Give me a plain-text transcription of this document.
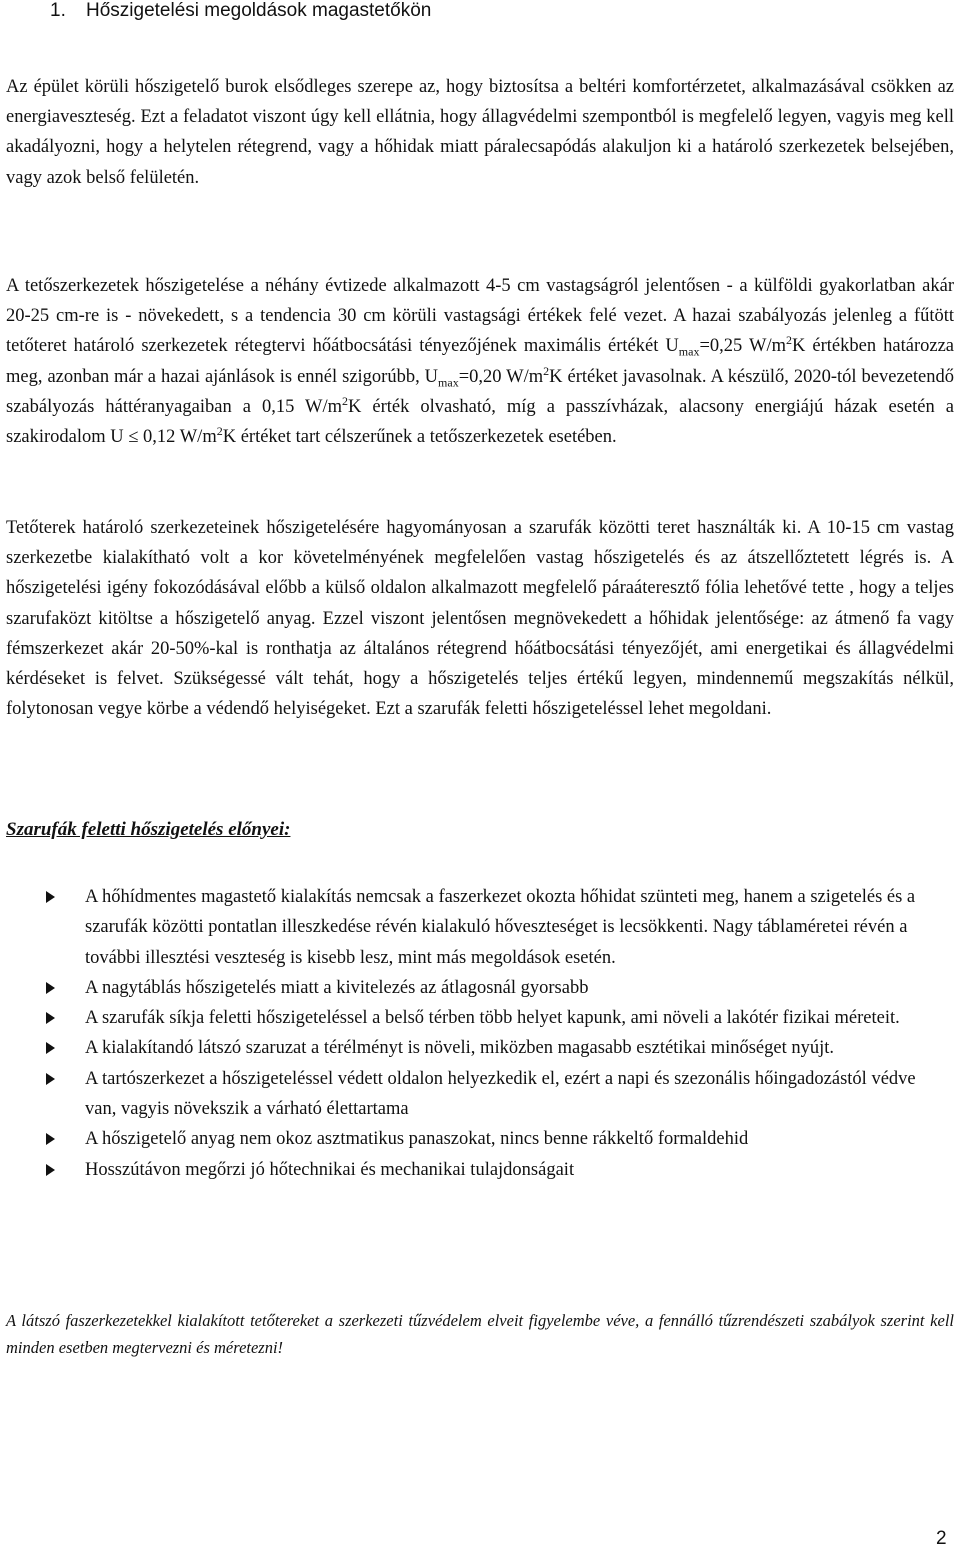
1. Hőszigetelési megoldások magastetőkön

Az épület körüli hőszigetelő burok elsődleges szerepe az, hogy biztosítsa a beltéri komfortérzetet, alkalmazásával csökken az energiaveszteség. Ezt a feladatot viszont úgy kell ellátnia, hogy állagvédelmi szempontból is megfelelő legyen, vagyis meg kell akadályozni, hogy a helytelen rétegrend, vagy a hőhidak miatt páralecsapódás alakuljon ki a határoló szerkezetek belsejében, vagy azok belső felületén.

A tetőszerkezetek hőszigetelése a néhány évtizede alkalmazott 4-5 cm vastagságról jelentősen - a külföldi gyakorlatban akár 20-25 cm-re is - növekedett, s a tendencia 30 cm körüli vastagsági értékek felé vezet. A hazai szabályozás jelenleg a fűtött tetőteret határoló szerkezetek rétegtervi hőátbocsátási tényezőjének maximális értékét $U_{max}=0,25$ $W/m^2K$ értékben határozza meg, azonban már a hazai ajánlások is ennél szigorúbb, $U_{max}=0,20$ $W/m^2K$ értéket javasolnak. A készülő, 2020-tól bevezetendő szabályozás háttéranyagaiban a 0,15 $W/m^2K$ érték olvasható, míg a passzívházak, alacsony energiájú házak esetén a szakirodalom U ≤ 0,12 $W/m^2K$ értéket tart célszerűnek a tetőszerkezetek esetében.

Tetőterek határoló szerkezeteinek hőszigetelésére hagyományosan a szarufák közötti teret használták ki. A 10-15 cm vastag szerkezetbe kialakítható volt a kor követelményének megfelelően vastag hőszigetelés és az átszellőztetett légrés is. A hőszigetelési igény fokozódásával előbb a külső oldalon alkalmazott megfelelő páraáteresztő fólia lehetővé tette , hogy a teljes szarufaközt kitöltse a hőszigetelő anyag. Ezzel viszont jelentősen megnövekedett a hőhidak jelentősége: az átmenő fa vagy fémszerkezet akár 20-50%-kal is ronthatja az általános rétegrend hőátbocsátási tényezőjét, ami energetikai és állagvédelmi kérdéseket is felvet. Szükségessé vált tehát, hogy a hőszigetelés teljes értékű legyen, mindennemű megszakítás nélkül, folytonosan vegye körbe a védendő helyiségeket. Ezt a szarufák feletti hőszigeteléssel lehet megoldani.

Szarufák feletti hőszigetelés előnyei:
A hőhídmentes magastető kialakítás nemcsak a faszerkezet okozta hőhidat szünteti meg, hanem a szigetelés és a szarufák közötti pontatlan illeszkedése révén kialakuló hőveszteséget is lecsökkenti. Nagy táblaméretei révén a további illesztési veszteség is kisebb lesz, mint más megoldások esetén.
A nagytáblás hőszigetelés miatt a kivitelezés az átlagosnál gyorsabb
A szarufák síkja feletti hőszigeteléssel a belső térben több helyet kapunk, ami növeli a lakótér fizikai méreteit.
A kialakítandó látszó szaruzat a térélményt is növeli, miközben magasabb esztétikai minőséget nyújt.
A tartószerkezet a hőszigeteléssel védett oldalon helyezkedik el, ezért a napi és szezonális hőingadozástól védve van, vagyis növekszik a várható élettartama
A hőszigetelő anyag nem okoz asztmatikus panaszokat, nincs benne rákkeltő formaldehid
Hosszútávon megőrzi jó hőtechnikai és mechanikai tulajdonságait

A látszó faszerkezetekkel kialakított tetőtereket a szerkezeti tűzvédelem elveit figyelembe véve, a fennálló tűzrendészeti szabályok szerint kell minden esetben megtervezni és méretezni!

2
